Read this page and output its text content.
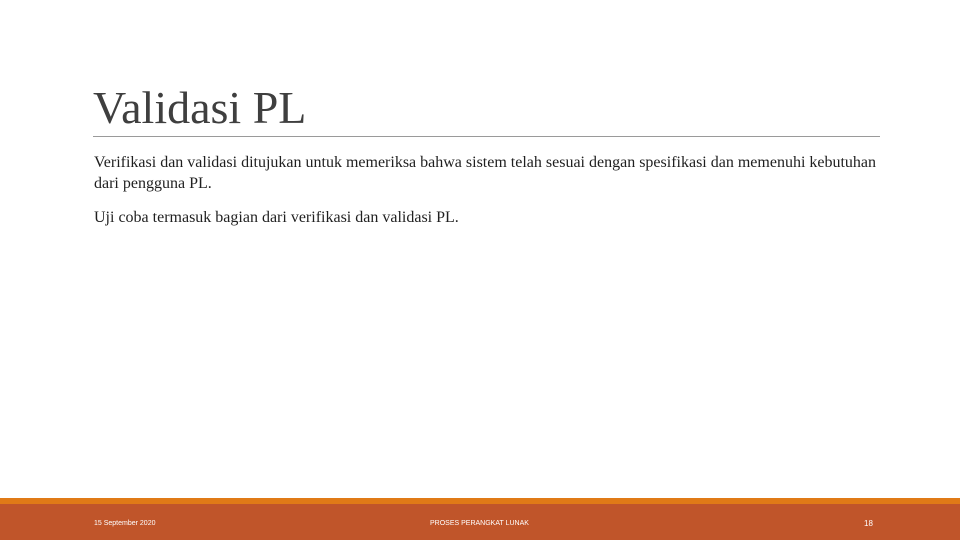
Validasi PL

Verifikasi dan validasi ditujukan untuk memeriksa bahwa sistem telah sesuai dengan spesifikasi dan memenuhi kebutuhan dari pengguna PL.

Uji coba termasuk bagian dari verifikasi dan validasi PL.

15 September 2020	PROSES PERANGKAT LUNAK	18
